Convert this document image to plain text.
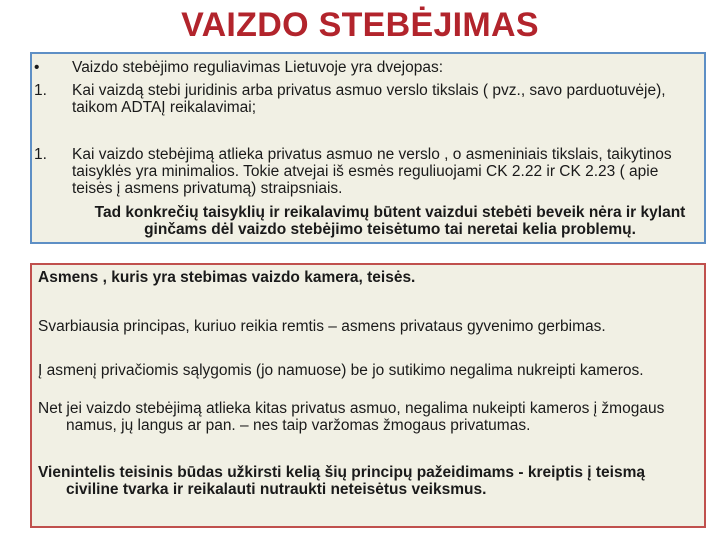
VAIZDO STEBĖJIMAS
• Vaizdo stebėjimo reguliavimas Lietuvoje yra dvejopas:
1. Kai vaizdą stebi juridinis arba privatus asmuo verslo tikslais ( pvz., savo parduotuvėje), taikom ADTAĮ reikalavimai;
1. Kai vaizdo stebėjimą atlieka privatus asmuo ne verslo , o asmeniniais tikslais, taikytinos taisyklės yra minimalios. Tokie atvejai iš esmės reguliuojami CK 2.22 ir CK 2.23 ( apie teisės į asmens privatumą) straipsniais.
Tad konkrečių taisyklių ir reikalavimų būtent vaizdui stebėti beveik nėra ir kylant ginčams dėl vaizdo stebėjimo teisėtumo tai neretai kelia problemų.
Asmens , kuris yra stebimas vaizdo kamera, teisės.
Svarbiausia principas, kuriuo reikia remtis – asmens privataus gyvenimo gerbimas.
Į asmenį privačiomis sąlygomis (jo namuose) be jo sutikimo negalima nukreipti kameros.
Net jei vaizdo stebėjimą atlieka kitas privatus asmuo, negalima nukeipti kameros į žmogaus namus, jų langus ar pan. – nes taip varžomas žmogaus privatumas.
Vienintelis teisinis būdas užkirsti kelią šių principų pažeidimams - kreiptis į teismą civiline tvarka ir reikalauti nutraukti neteisėtus veiksmus.
